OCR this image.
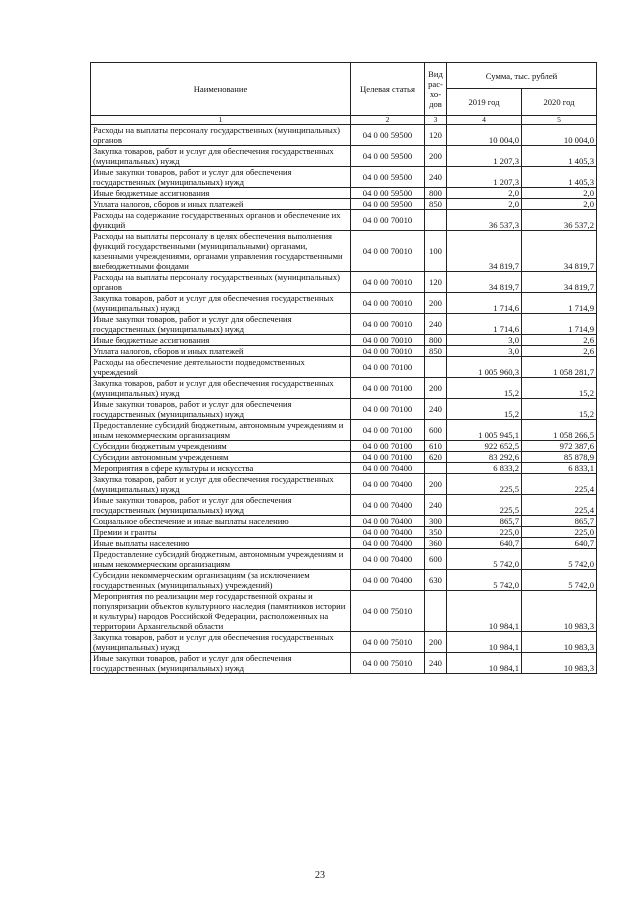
Наименование	Целевая статья	Вид рас-хо-дов	Сумма, тыс. рублей	
			2019 год	2020 год
1	2	3	4	5
Расходы на выплаты персоналу государственных (муниципальных) органов	04 0 00 59500	120	10 004,0	10 004,0
Закупка товаров, работ и услуг для обеспечения государственных (муниципальных) нужд	04 0 00 59500	200	1 207,3	1 405,3
Иные закупки товаров, работ и услуг для обеспечения государственных (муниципальных) нужд	04 0 00 59500	240	1 207,3	1 405,3
Иные бюджетные ассигнования	04 0 00 59500	800	2,0	2,0
Уплата налогов, сборов и иных платежей	04 0 00 59500	850	2,0	2,0
Расходы на содержание государственных органов и обеспечение их функций	04 0 00 70010		36 537,3	36 537,2
Расходы на выплаты персоналу в целях обеспечения выполнения функций государственными (муниципальными) органами, казенными учреждениями, органами управления государственными внебюджетными фондами	04 0 00 70010	100	34 819,7	34 819,7
Расходы на выплаты персоналу государственных (муниципальных) органов	04 0 00 70010	120	34 819,7	34 819,7
Закупка товаров, работ и услуг для обеспечения государственных (муниципальных) нужд	04 0 00 70010	200	1 714,6	1 714,9
Иные закупки товаров, работ и услуг для обеспечения государственных (муниципальных) нужд	04 0 00 70010	240	1 714,6	1 714,9
Иные бюджетные ассигнования	04 0 00 70010	800	3,0	2,6
Уплата налогов, сборов и иных платежей	04 0 00 70010	850	3,0	2,6
Расходы на обеспечение деятельности подведомственных учреждений	04 0 00 70100		1 005 960,3	1 058 281,7
Закупка товаров, работ и услуг для обеспечения государственных (муниципальных) нужд	04 0 00 70100	200	15,2	15,2
Иные закупки товаров, работ и услуг для обеспечения государственных (муниципальных) нужд	04 0 00 70100	240	15,2	15,2
Предоставление субсидий бюджетным, автономным учреждениям и иным некоммерческим организациям	04 0 00 70100	600	1 005 945,1	1 058 266,5
Субсидии бюджетным учреждениям	04 0 00 70100	610	922 652,5	972 387,6
Субсидии автономным учреждениям	04 0 00 70100	620	83 292,6	85 878,9
Мероприятия в сфере культуры и искусства	04 0 00 70400		6 833,2	6 833,1
Закупка товаров, работ и услуг для обеспечения государственных (муниципальных) нужд	04 0 00 70400	200	225,5	225,4
Иные закупки товаров, работ и услуг для обеспечения государственных (муниципальных) нужд	04 0 00 70400	240	225,5	225,4
Социальное обеспечение и иные выплаты населению	04 0 00 70400	300	865,7	865,7
Премии и гранты	04 0 00 70400	350	225,0	225,0
Иные выплаты населению	04 0 00 70400	360	640,7	640,7
Предоставление субсидий бюджетным, автономным учреждениям и иным некоммерческим организациям	04 0 00 70400	600	5 742,0	5 742,0
Субсидии некоммерческим организациям (за исключением государственных (муниципальных) учреждений)	04 0 00 70400	630	5 742,0	5 742,0
Мероприятия по реализации мер государственной охраны и популяризации объектов культурного наследия (памятников истории и культуры) народов Российской Федерации, расположенных на территории Архангельской области	04 0 00 75010		10 984,1	10 983,3
Закупка товаров, работ и услуг для обеспечения государственных (муниципальных) нужд	04 0 00 75010	200	10 984,1	10 983,3
Иные закупки товаров, работ и услуг для обеспечения государственных (муниципальных) нужд	04 0 00 75010	240	10 984,1	10 983,3
23
